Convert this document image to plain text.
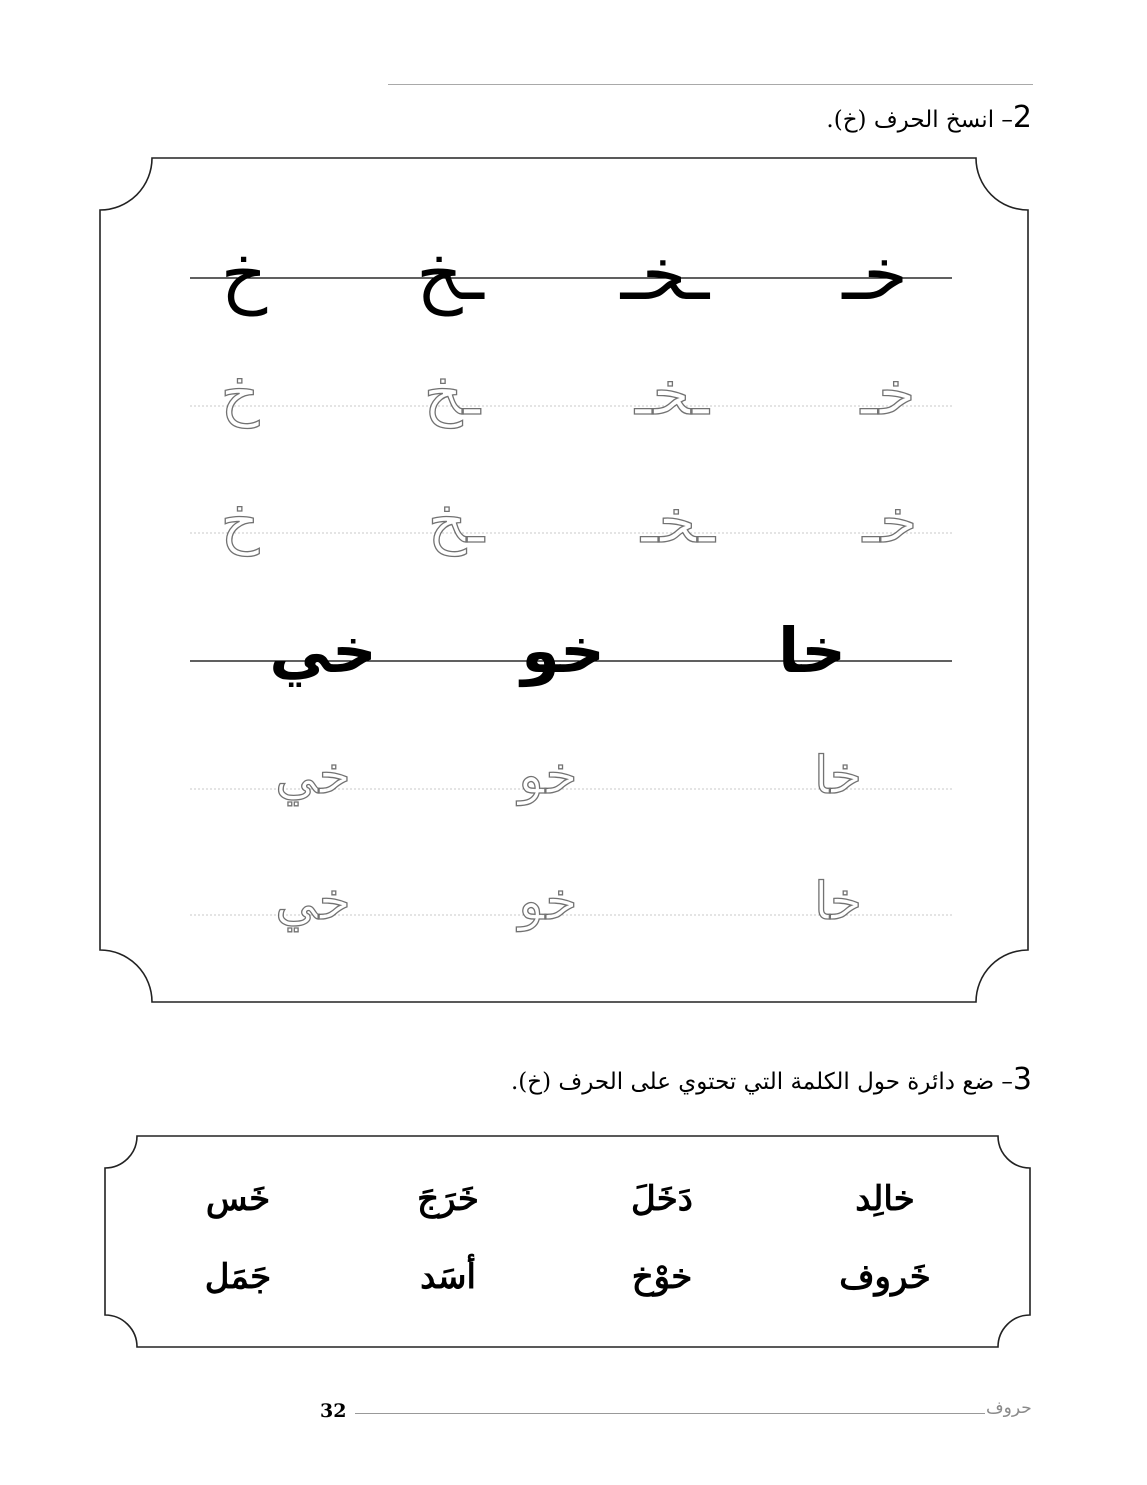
2– انسخ الحرف (خ).
خـ
ـخـ
ـخ
خ
خـ
ـخـ
ـخ
خ
خـ
ـخـ
ـخ
خ
خا
خو
خي
خا
خو
خي
خا
خو
خي
3– ضع دائرة حول الكلمة التي تحتوي على الحرف (خ).
خالِد
دَخَلَ
خَرَجَ
خَس
خَروف
خوْخ
أسَد
جَمَل
32	حروف
